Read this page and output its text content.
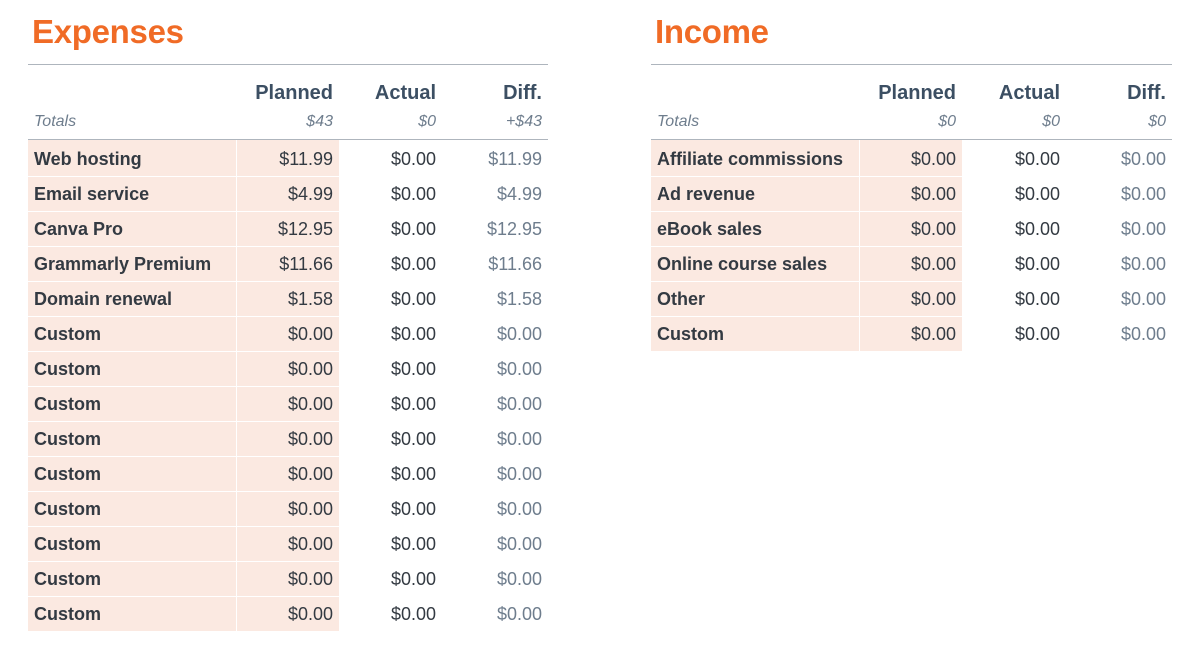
Expenses
	Planned	Actual	Diff.
Totals	$43	$0	+$43
Web hosting	$11.99	$0.00	$11.99
Email service	$4.99	$0.00	$4.99
Canva Pro	$12.95	$0.00	$12.95
Grammarly Premium	$11.66	$0.00	$11.66
Domain renewal	$1.58	$0.00	$1.58
Custom	$0.00	$0.00	$0.00
Custom	$0.00	$0.00	$0.00
Custom	$0.00	$0.00	$0.00
Custom	$0.00	$0.00	$0.00
Custom	$0.00	$0.00	$0.00
Custom	$0.00	$0.00	$0.00
Custom	$0.00	$0.00	$0.00
Custom	$0.00	$0.00	$0.00
Custom	$0.00	$0.00	$0.00
Income
	Planned	Actual	Diff.
Totals	$0	$0	$0
Affiliate commissions	$0.00	$0.00	$0.00
Ad revenue	$0.00	$0.00	$0.00
eBook sales	$0.00	$0.00	$0.00
Online course sales	$0.00	$0.00	$0.00
Other	$0.00	$0.00	$0.00
Custom	$0.00	$0.00	$0.00
